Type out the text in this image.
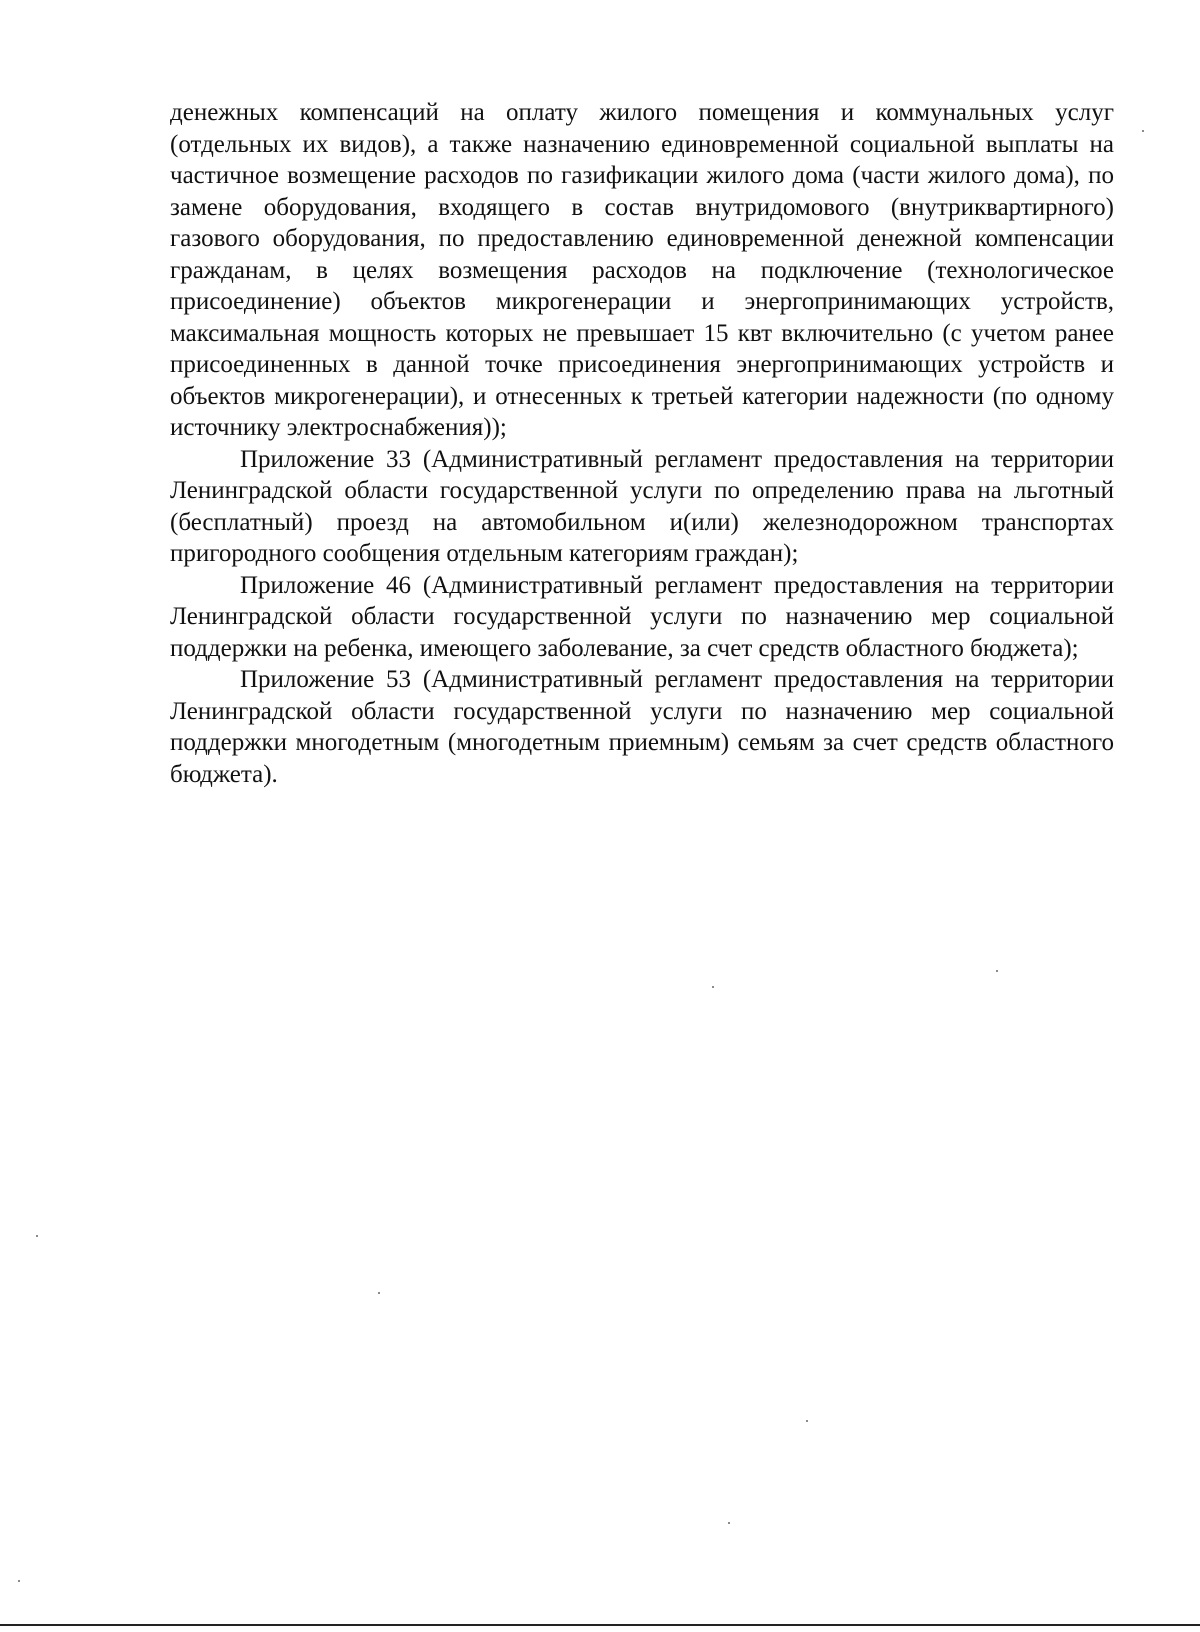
денежных компенсаций на оплату жилого помещения и коммунальных услуг (отдельных их видов), а также назначению единовременной социальной выплаты на частичное возмещение расходов по газификации жилого дома (части жилого дома), по замене оборудования, входящего в состав внутридомового (внутриквартирного) газового оборудования, по предоставлению единовременной денежной компенсации гражданам, в целях возмещения расходов на подключение (технологическое присоединение) объектов микрогенерации и энергопринимающих устройств, максимальная мощность которых не превышает 15 квт включительно (с учетом ранее присоединенных в данной точке присоединения энергопринимающих устройств и объектов микрогенерации), и отнесенных к третьей категории надежности (по одному источнику электроснабжения));

Приложение 33 (Административный регламент предоставления на территории Ленинградской области государственной услуги по определению права на льготный (бесплатный) проезд на автомобильном и(или) железнодорожном транспортах пригородного сообщения отдельным категориям граждан);

Приложение 46 (Административный регламент предоставления на территории Ленинградской области государственной услуги по назначению мер социальной поддержки на ребенка, имеющего заболевание, за счет средств областного бюджета);

Приложение 53 (Административный регламент предоставления на территории Ленинградской области государственной услуги по назначению мер социальной поддержки многодетным (многодетным приемным) семьям за счет средств областного бюджета).
